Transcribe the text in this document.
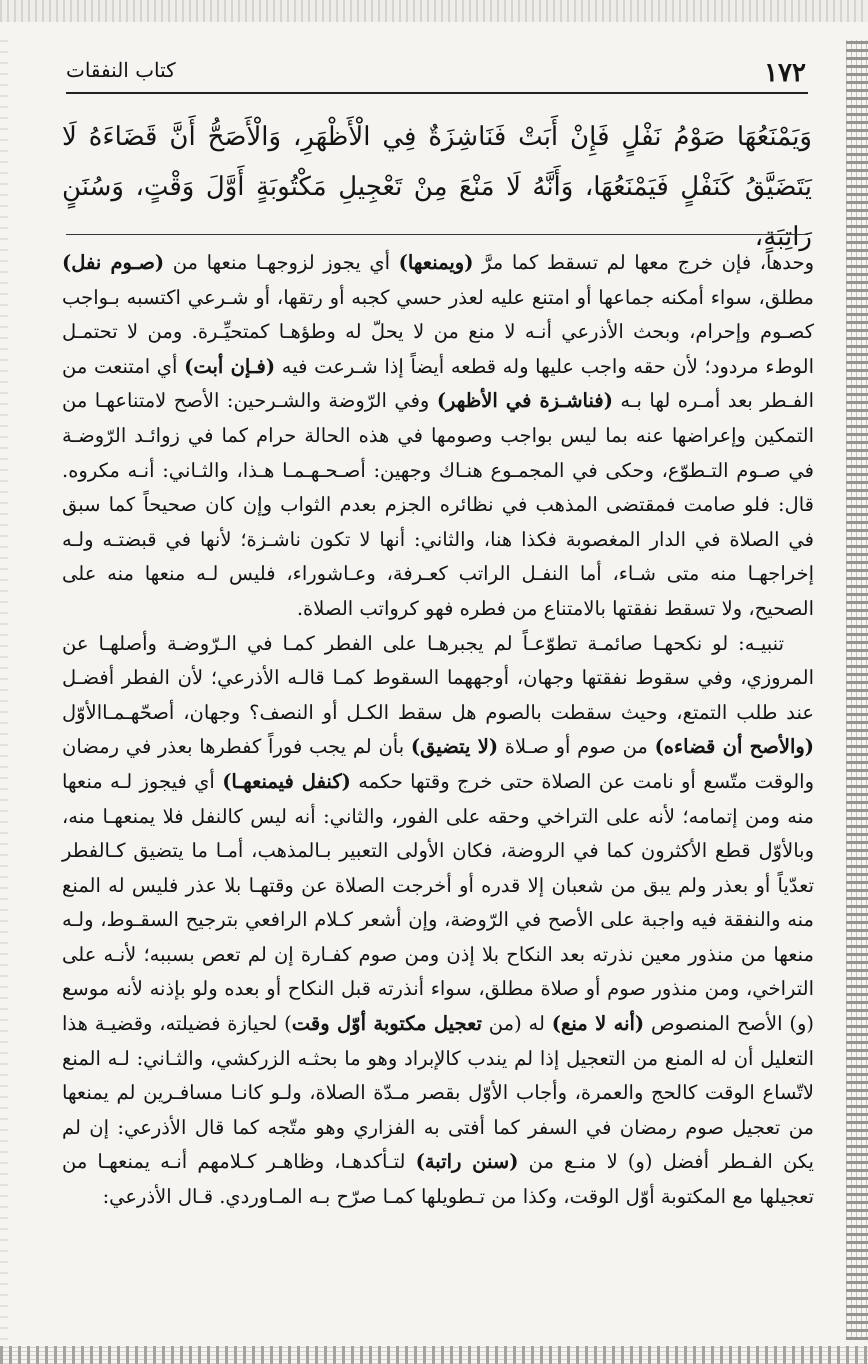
١٧٢
كتاب النفقات

وَيَمْنَعُهَا صَوْمُ نَفْلٍ فَإِنْ أَبَتْ فَنَاشِزَةٌ فِي الْأَظْهَرِ، وَالْأَصَحُّ أَنَّ قَضَاءَهُ لَا يَتَضَيَّقُ كَنَفْلٍ فَيَمْنَعُهَا، وَأَنَّهُ لَا مَنْعَ مِنْ تَعْجِيلِ مَكْتُوبَةٍ أَوَّلَ وَقْتٍ، وَسُنَنٍ رَاتِبَةٍ،

وحدها، فإن خرج معها لم تسقط كما مرَّ (ويمنعها) أي يجوز لزوجهـا منعها من (صـوم نفل) مطلق، سواء أمكنه جماعها أو امتنع عليه لعذر حسي كجبه أو رتقها، أو شـرعي اكتسبه بـواجب كصـوم وإحرام، وبحث الأذرعي أنـه لا منع من لا يحلّ له وطؤهـا كمتحيِّـرة. ومن لا تحتمـل الوطء مردود؛ لأن حقه واجب عليها وله قطعه أيضاً إذا شـرعت فيه (فـإن أبت) أي امتنعت من الفـطر بعد أمـره لها بـه (فناشـزة في الأظهر) وفي الرّوضة والشـرحين: الأصح لامتناعهـا من التمكين وإعراضها عنه بما ليس بواجب وصومها في هذه الحالة حرام كما في زوائـد الرّوضـة في صـوم التـطوّع، وحكى في المجمـوع هنـاك وجهين: أصـحـهـمـا هـذا، والثـاني: أنـه مكروه. قال: فلو صامت فمقتضى المذهب في نظائره الجزم بعدم الثواب وإن كان صحيحاً كما سبق في الصلاة في الدار المغصوبة فكذا هنا، والثاني: أنها لا تكون ناشـزة؛ لأنها في قبضتـه ولـه إخراجهـا منه متى شـاء، أما النفـل الراتب كعـرفة، وعـاشوراء، فليس لـه منعها منه على الصحيح، ولا تسقط نفقتها بالامتناع من فطره فهو كرواتب الصلاة.

تنبيـه: لو نكحهـا صائمـة تطوّعـاً لم يجبرهـا على الفطر كمـا في الـرّوضـة وأصلهـا عن المروزي، وفي سقوط نفقتها وجهان، أوجههما السقوط كمـا قالـه الأذرعي؛ لأن الفطر أفضـل عند طلب التمتع، وحيث سقطت بالصوم هل سقط الكـل أو النصف؟ وجهان، أصحّهـمـاالأوّل (والأصح أن قضاءه) من صوم أو صـلاة (لا يتضيق) بأن لم يجب فوراً كفطرها بعذر في رمضان والوقت متّسع أو نامت عن الصلاة حتى خرج وقتها حكمه (كنفل فيمنعهـا) أي فيجوز لـه منعها منه ومن إتمامه؛ لأنه على التراخي وحقه على الفور، والثاني: أنه ليس كالنفل فلا يمنعهـا منه، وبالأوّل قطع الأكثرون كما في الروضة، فكان الأولى التعبير بـالمذهب، أمـا ما يتضيق كـالفطر تعدّياً أو بعذر ولم يبق من شعبان إلا قدره أو أخرجت الصلاة عن وقتهـا بلا عذر فليس له المنع منه والنفقة فيه واجبة على الأصح في الرّوضة، وإن أشعر كـلام الرافعي بترجيح السقـوط، ولـه منعها من منذور معين نذرته بعد النكاح بلا إذن ومن صوم كفـارة إن لم تعص بسببه؛ لأنـه على التراخي، ومن منذور صوم أو صلاة مطلق، سواء أنذرته قبل النكاح أو بعده ولو بإذنه لأنه موسع (و) الأصح المنصوص (أنه لا منع) له (من تعجيل مكتوبة أوّل وقت) لحيازة فضيلته، وقضيـة هذا التعليل أن له المنع من التعجيل إذا لم يندب كالإبراد وهو ما بحثـه الزركشي، والثـاني: لـه المنع لاتّساع الوقت كالحج والعمرة، وأجاب الأوّل بقصر مـدّة الصلاة، ولـو كانـا مسافـرين لم يمنعها من تعجيل صوم رمضان في السفر كما أفتى به الفزاري وهو متّجه كما قال الأذرعي: إن لم يكن الفـطر أفضل (و) لا منـع من (سنن راتبة) لتـأكدهـا، وظاهـر كـلامهم أنـه يمنعهـا من تعجيلها مع المكتوبة أوّل الوقت، وكذا من تـطويلها كمـا صرّح بـه المـاوردي. قـال الأذرعي:
